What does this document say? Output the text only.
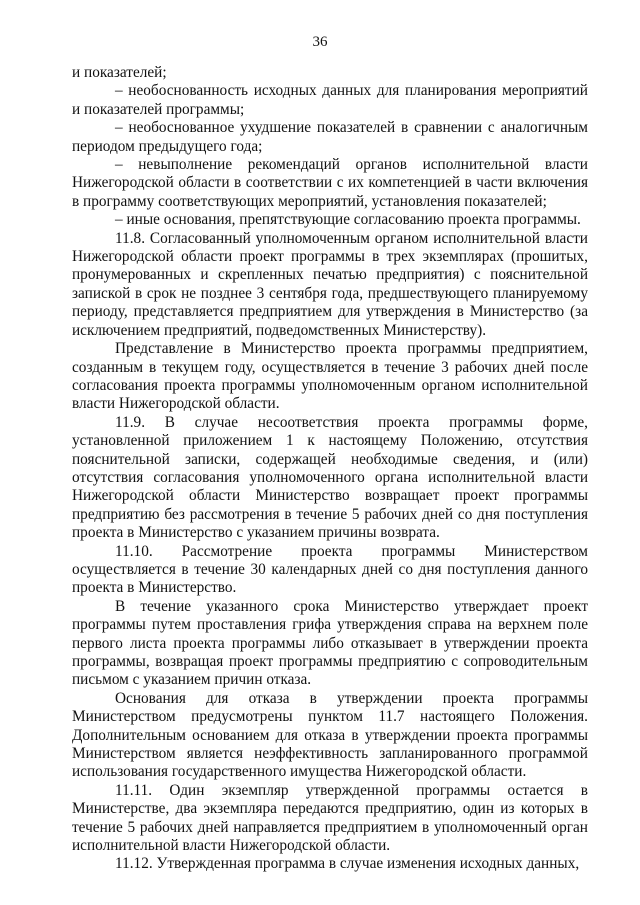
36

и показателей;

– необоснованность исходных данных для планирования мероприятий и показателей программы;

– необоснованное ухудшение показателей в сравнении с аналогичным периодом предыдущего года;

– невыполнение рекомендаций органов исполнительной власти Нижегородской области в соответствии с их компетенцией в части включения в программу соответствующих мероприятий, установления показателей;

– иные основания, препятствующие согласованию проекта программы.

11.8. Согласованный уполномоченным органом исполнительной власти Нижегородской области проект программы в трех экземплярах (прошитых, пронумерованных и скрепленных печатью предприятия) с пояснительной запиской в срок не позднее 3 сентября года, предшествующего планируемому периоду, представляется предприятием для утверждения в Министерство (за исключением предприятий, подведомственных Министерству).

Представление в Министерство проекта программы предприятием, созданным в текущем году, осуществляется в течение 3 рабочих дней после согласования проекта программы уполномоченным органом исполнительной власти Нижегородской области.

11.9. В случае несоответствия проекта программы форме, установленной приложением 1 к настоящему Положению, отсутствия пояснительной записки, содержащей необходимые сведения, и (или) отсутствия согласования уполномоченного органа исполнительной власти Нижегородской области Министерство возвращает проект программы предприятию без рассмотрения в течение 5 рабочих дней со дня поступления проекта в Министерство с указанием причины возврата.

11.10. Рассмотрение проекта программы Министерством осуществляется в течение 30 календарных дней со дня поступления данного проекта в Министерство.

В течение указанного срока Министерство утверждает проект программы путем проставления грифа утверждения справа на верхнем поле первого листа проекта программы либо отказывает в утверждении проекта программы, возвращая проект программы предприятию с сопроводительным письмом с указанием причин отказа.

Основания для отказа в утверждении проекта программы Министерством предусмотрены пунктом 11.7 настоящего Положения. Дополнительным основанием для отказа в утверждении проекта программы Министерством является неэффективность запланированного программой использования государственного имущества Нижегородской области.

11.11. Один экземпляр утвержденной программы остается в Министерстве, два экземпляра передаются предприятию, один из которых в течение 5 рабочих дней направляется предприятием в уполномоченный орган исполнительной власти Нижегородской области.

11.12. Утвержденная программа в случае изменения исходных данных,
